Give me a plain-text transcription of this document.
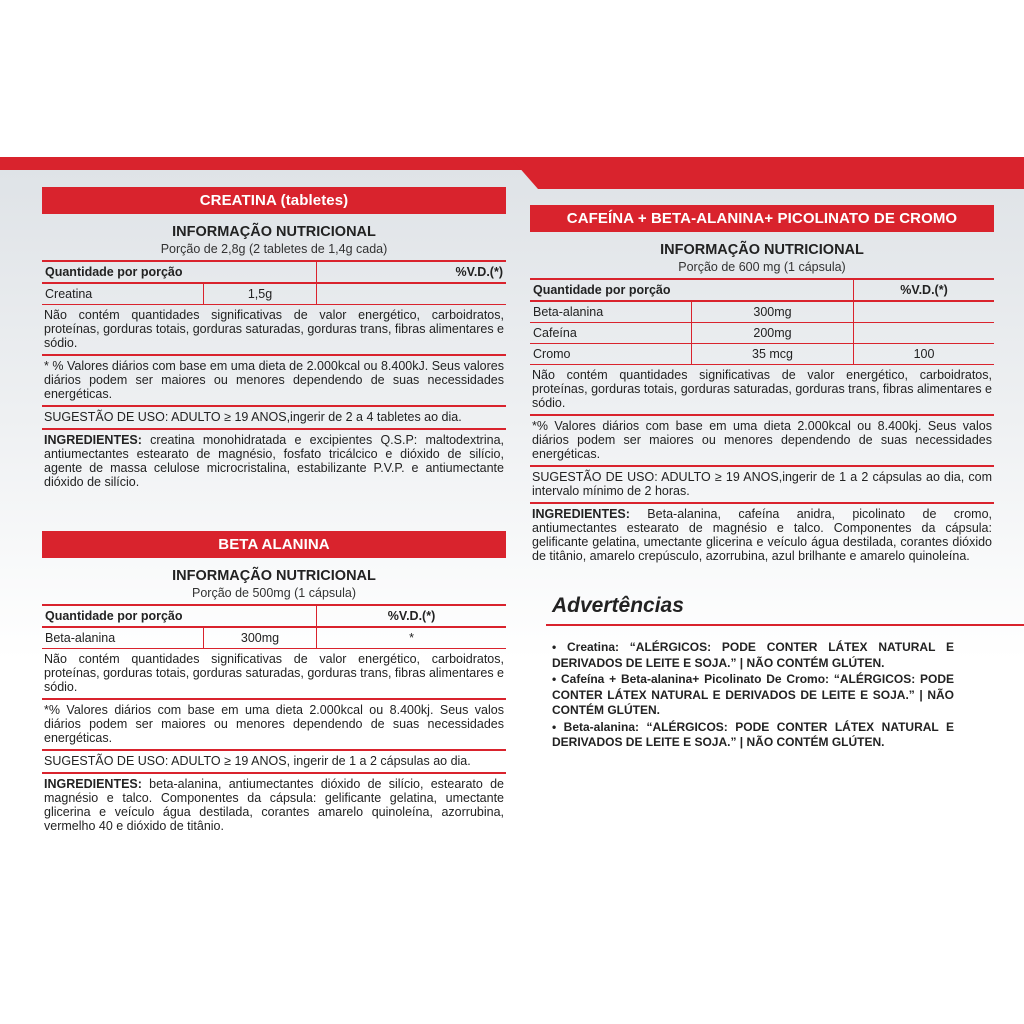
CREATINA (tabletes)
INFORMAÇÃO NUTRICIONAL
Porção de 2,8g (2 tabletes de 1,4g cada)
Quantidade por porção		%V.D.(*)
Creatina	1,5g	
Não contém quantidades significativas de valor energético, carboidratos, proteínas, gorduras totais, gorduras saturadas, gorduras trans, fibras alimentares e sódio.
* % Valores diários com base em uma dieta de 2.000kcal ou 8.400kJ. Seus valores diários podem ser maiores ou menores dependendo de suas necessidades energéticas.
SUGESTÃO DE USO: ADULTO ≥ 19 ANOS,ingerir de 2 a 4 tabletes ao dia.
INGREDIENTES: creatina monohidratada e excipientes Q.S.P: maltodextrina, antiumectantes estearato de magnésio, fosfato tricálcico e dióxido de silício, agente de massa celulose microcristalina, estabilizante P.V.P. e antiumectante dióxido de silício.
BETA ALANINA
INFORMAÇÃO NUTRICIONAL
Porção de 500mg (1 cápsula)
Quantidade por porção		%V.D.(*)
Beta-alanina	300mg	*
Não contém quantidades significativas de valor energético, carboidratos, proteínas, gorduras totais, gorduras saturadas, gorduras trans, fibras alimentares e sódio.
*% Valores diários com base em uma dieta 2.000kcal ou 8.400kj. Seus valos diários podem ser maiores ou menores dependendo de suas necessidades energéticas.
SUGESTÃO DE USO: ADULTO ≥ 19 ANOS, ingerir de 1 a 2 cápsulas ao dia.
INGREDIENTES: beta-alanina, antiumectantes dióxido de silício, estearato de magnésio e talco. Componentes da cápsula: gelificante gelatina, umectante glicerina e veículo água destilada, corantes amarelo quinoleína, azorrubina, vermelho 40 e dióxido de titânio.
CAFEÍNA + BETA-ALANINA+ PICOLINATO DE CROMO
INFORMAÇÃO NUTRICIONAL
Porção de 600 mg (1 cápsula)
Quantidade por porção		%V.D.(*)
Beta-alanina	300mg	
Cafeína	200mg	
Cromo	35 mcg	100
Não contém quantidades significativas de valor energético, carboidratos, proteínas, gorduras totais, gorduras saturadas, gorduras trans, fibras alimentares e sódio.
*% Valores diários com base em uma dieta 2.000kcal ou 8.400kj. Seus valos diários podem ser maiores ou menores dependendo de suas necessidades energéticas.
SUGESTÃO DE USO: ADULTO ≥ 19 ANOS,ingerir de 1 a 2 cápsulas ao dia, com intervalo mínimo de 2 horas.
INGREDIENTES: Beta-alanina, cafeína anidra, picolinato de cromo, antiumectantes estearato de magnésio e talco. Componentes da cápsula: gelificante gelatina, umectante glicerina e veículo água destilada, corantes dióxido de titânio, amarelo crepúsculo, azorrubina, azul brilhante e amarelo quinoleína.
Advertências
• Creatina: “ALÉRGICOS: PODE CONTER LÁTEX NATURAL E DERIVADOS DE LEITE E SOJA.” | NÃO CONTÉM GLÚTEN.
• Cafeína + Beta-alanina+ Picolinato De Cromo: “ALÉRGICOS: PODE CONTER LÁTEX NATURAL E DERIVADOS DE LEITE E SOJA.” | NÃO CONTÉM GLÚTEN.
• Beta-alanina: “ALÉRGICOS: PODE CONTER LÁTEX NATURAL E DERIVADOS DE LEITE E SOJA.” | NÃO CONTÉM GLÚTEN.
